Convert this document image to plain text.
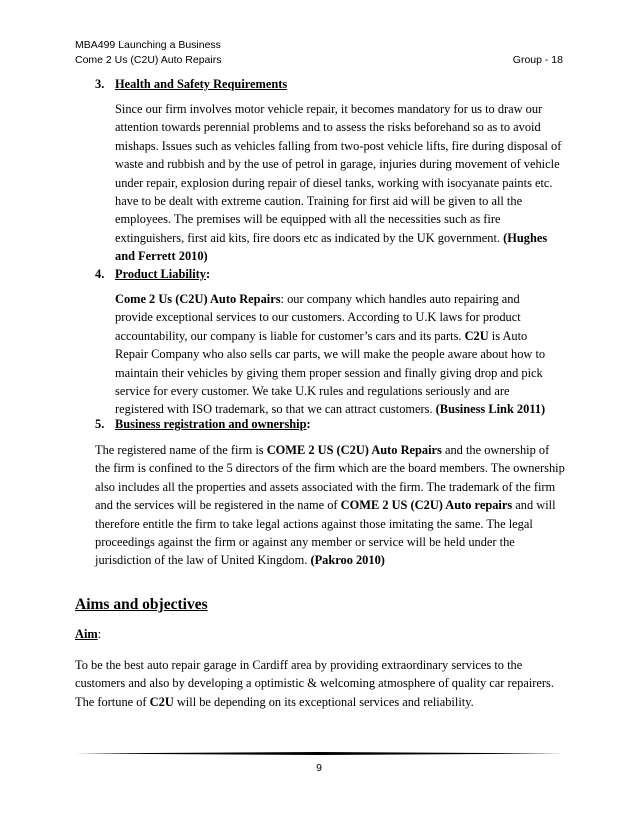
MBA499 Launching a Business
Come 2 Us (C2U) Auto Repairs	Group - 18
3. Health and Safety Requirements
Since our firm involves motor vehicle repair, it becomes mandatory for us to draw our attention towards perennial problems and to assess the risks beforehand so as to avoid mishaps. Issues such as vehicles falling from two-post vehicle lifts, fire during disposal of waste and rubbish and by the use of petrol in garage, injuries during movement of vehicle under repair, explosion during repair of diesel tanks, working with isocyanate paints etc. have to be dealt with extreme caution. Training for first aid will be given to all the employees. The premises will be equipped with all the necessities such as fire extinguishers, first aid kits, fire doors etc as indicated by the UK government. (Hughes and Ferrett 2010)
4. Product Liability:
Come 2 Us (C2U) Auto Repairs: our company which handles auto repairing and provide exceptional services to our customers. According to U.K laws for product accountability, our company is liable for customer’s cars and its parts. C2U is Auto Repair Company who also sells car parts, we will make the people aware about how to maintain their vehicles by giving them proper session and finally giving drop and pick service for every customer. We take U.K rules and regulations seriously and are registered with ISO trademark, so that we can attract customers. (Business Link 2011)
5. Business registration and ownership:
The registered name of the firm is COME 2 US (C2U) Auto Repairs and the ownership of the firm is confined to the 5 directors of the firm which are the board members. The ownership also includes all the properties and assets associated with the firm. The trademark of the firm and the services will be registered in the name of COME 2 US (C2U) Auto repairs and will therefore entitle the firm to take legal actions against those imitating the same. The legal proceedings against the firm or against any member or service will be held under the jurisdiction of the law of United Kingdom. (Pakroo 2010)
Aims and objectives
Aim:
To be the best auto repair garage in Cardiff area by providing extraordinary services to the customers and also by developing a optimistic & welcoming atmosphere of quality car repairers. The fortune of C2U will be depending on its exceptional services and reliability.
9
